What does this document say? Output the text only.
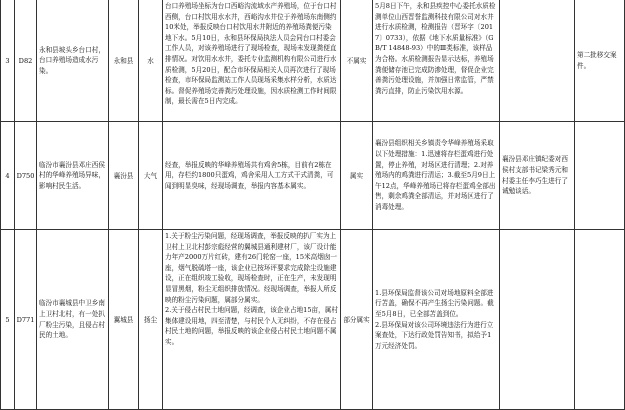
3 D82
永和县坡头乡台口村，台口养殖场造成水污染。
永和县 水
台口养殖场坐标为台口西峪沟流域水产养殖场，位于台口村西侧，台口村饮用水水井，西峪沟水井位于养殖场东南侧约10米处，举报反映台口村饮用水井附近的养殖场粪便污染地下水。5月10日，永和县环保局执法人员会同台口村委会工作人员，对该养殖场进行了现场检查，现场未发现粪便直排情况。对饮用水水井，委托专业监测机构有限公司进行水质检测，5月20日，配合市环保局相关人员再次进行了现场检查，市环保局监测站工作人员现场采集水样分析，水质达标。督促养殖场完善粪污处理设施，因水质检测工作时间限制，最长需在5日内完成。
不属实
5月8日下午，永和县疾控中心委托水质检测单位山西晋誉监测科技有限公司对水井进行水质检测，检测报告（晋环字〔2017〕0733），依据《地下水质量标准》（GB/T 14848-93）中的Ⅲ类标准，该样品为合格。水质检测报告显示达标，养殖场粪便储存池已完成防渗处理，督促企业完善粪污处理设施，并加强日常监管，严禁粪污直排，防止污染饮用水源。
第二批移交案件。
4 D750
临汾市襄汾县邓庄西侯村的华峰养殖场异味，影响村民生活。
襄汾县 大气
经查，举报反映的华峰养殖场共有鸡舍5栋，目前有2栋在用，存栏约1800只蛋鸡，鸡舍采用人工方式干式清粪，可闻到明显臭味，经现场调查，举报内容基本属实。
属实
襄汾县组织相关乡镇责令华峰养殖场采取以下处理措施：1.迅速将存栏蛋鸡进行处置，停止养殖，对场区进行清理；2.对养殖场内的鸡粪进行清运；3.截至5月9日上午12点，华峰养殖场已将存栏蛋鸡全部出售，剩余鸡粪全部清运，并对场区进行了消毒处理。
襄汾县邓庄镇纪委对西侯村支部书记梁秀元和村委主任李巧生进行了诫勉谈话。
5 D771
临汾市襄城县中卫乡南上卫村北村，有一处扒厂粉尘污染，且侵占村民的土地。
翼城县 扬尘
1.关于粉尘污染问题，经现场调查，举报反映的扒厂实为上卫村上卫北村彭宗彪经营的翼城县通利建材厂，该厂设计能力年产2000万片红砖，建有26门轮窑一座，15米高烟囱一座，烟气脱硫塔一座，该企业已按环评要求完成除尘设施建设，正在组织竣工验收，现场检查时，正在生产，未发现明显冒黑烟，粉尘无组织排放情况。经现场调查，举报人所反映的粉尘污染问题，属部分属实。
2.关于侵占村民土地问题，经调查，该企业占地15亩，属村集体建设用地，四至清楚，与村民个人无纠纷，不存在侵占村民土地的问题，举报反映的该企业侵占村民土地问题不属实。
部分属实
1.县环保局监督该公司对场地原料全部进行苫盖，确保不再产生扬尘污染问题。截至5月8日，已全部苫盖到位。
2.县环保局对该公司环境违法行为进行立案查处，下达行政处罚告知书，拟给予1万元经济处罚。
